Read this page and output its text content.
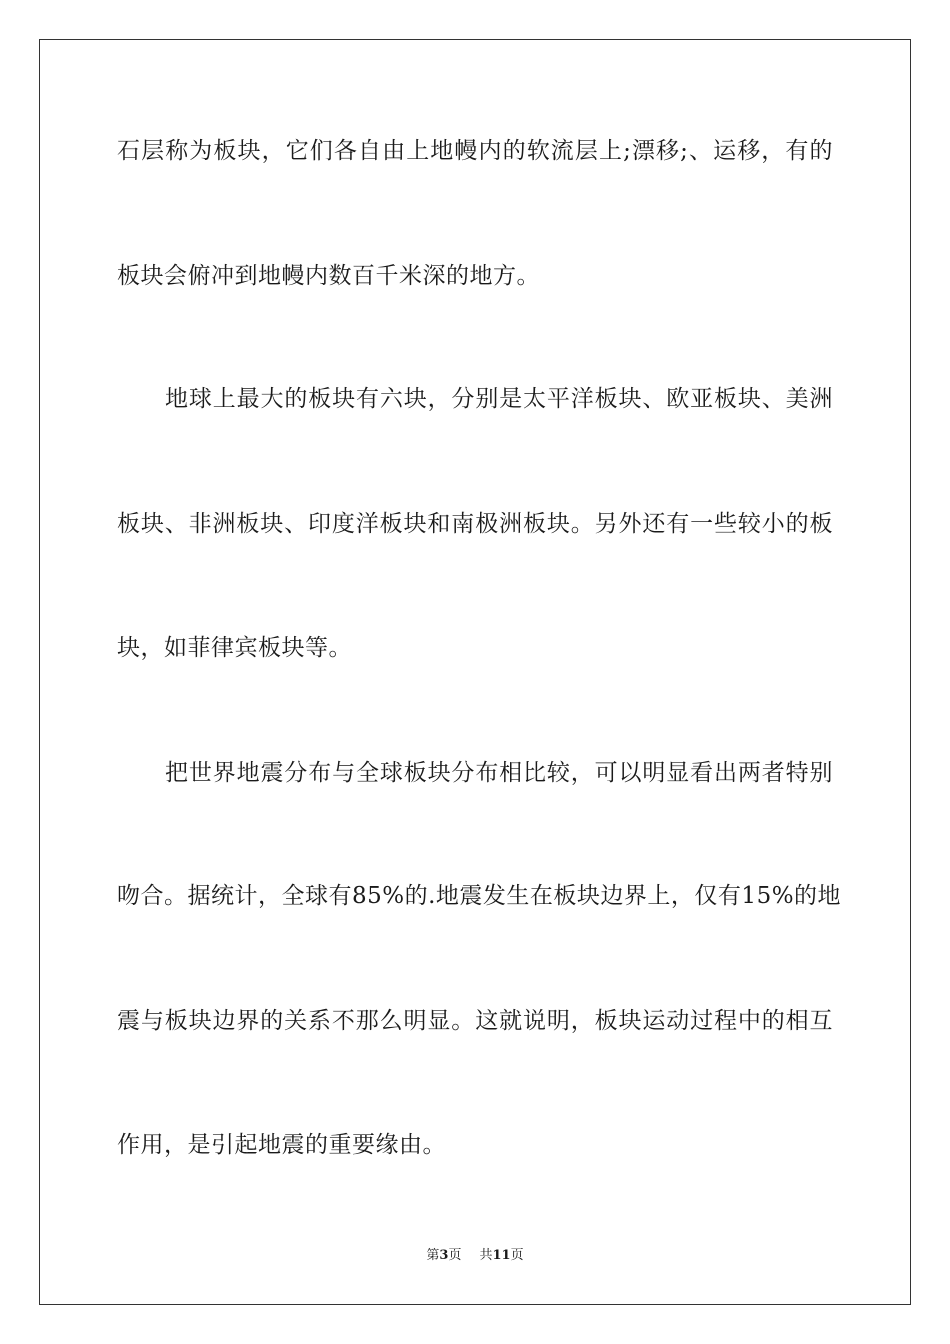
石层称为板块，它们各自由上地幔内的软流层上;漂移;、运移，有的
板块会俯冲到地幔内数百千米深的地方。
地球上最大的板块有六块，分别是太平洋板块、欧亚板块、美洲
板块、非洲板块、印度洋板块和南极洲板块。另外还有一些较小的板
块，如菲律宾板块等。
把世界地震分布与全球板块分布相比较，可以明显看出两者特别
吻合。据统计，全球有85%的.地震发生在板块边界上，仅有15%的地
震与板块边界的关系不那么明显。这就说明，板块运动过程中的相互
作用，是引起地震的重要缘由。
第3页 共11页
